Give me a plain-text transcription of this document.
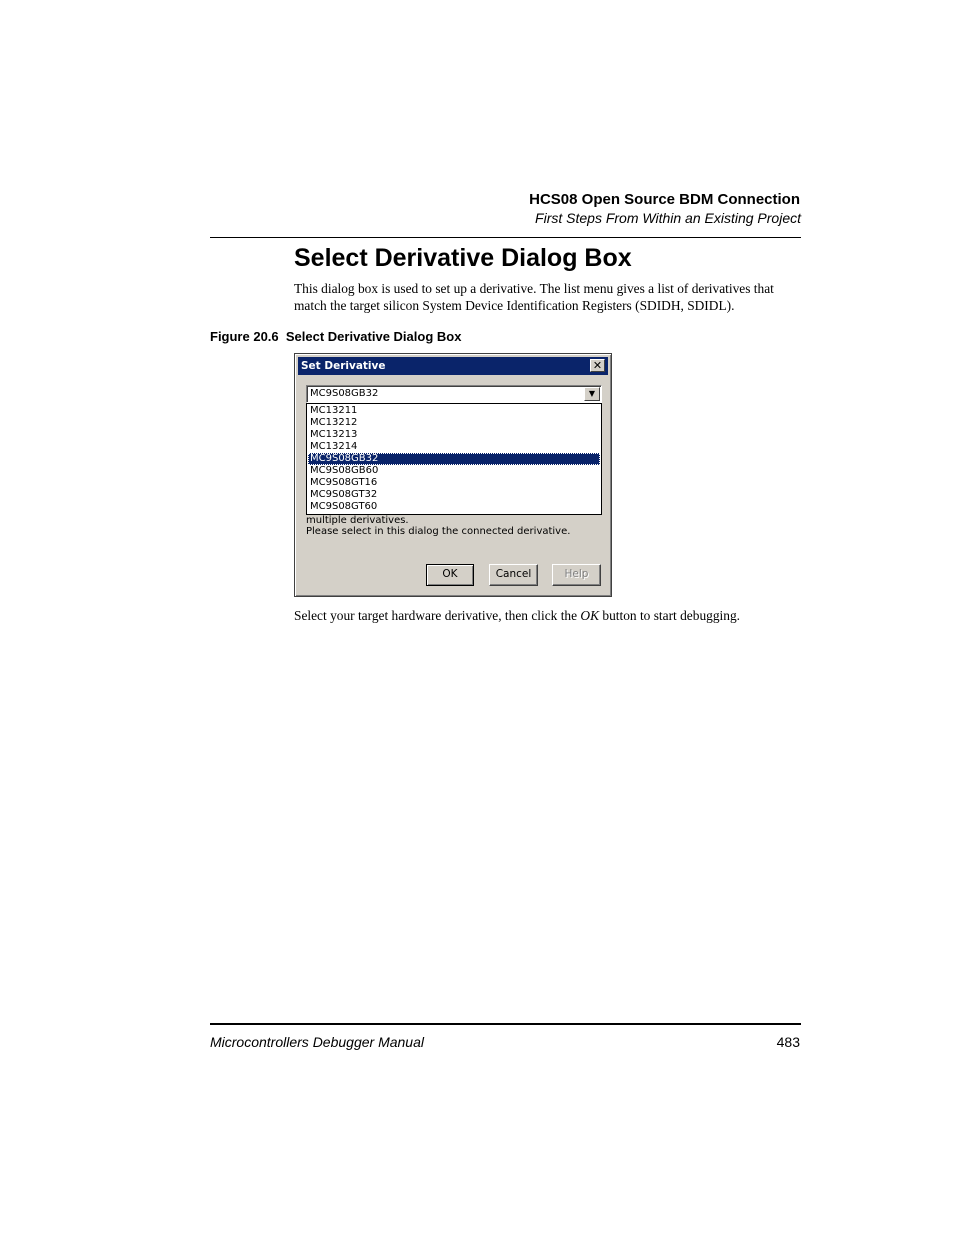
HCS08 Open Source BDM Connection
First Steps From Within an Existing Project
Select Derivative Dialog Box
This dialog box is used to set up a derivative. The list menu gives a list of derivatives that match the target silicon System Device Identification Registers (SDIDH, SDIDL).
Figure 20.6  Select Derivative Dialog Box
Set Derivative	✕
MC9S08GB32	▼
MC13211
MC13212
MC13213
MC13214
MC9S08GB32
MC9S08GB60
MC9S08GT16
MC9S08GT32
MC9S08GT60
multiple derivatives.
Please select in this dialog the connected derivative.
OK	Cancel	Help
Select your target hardware derivative, then click the OK button to start debugging.
Microcontrollers Debugger Manual	483
